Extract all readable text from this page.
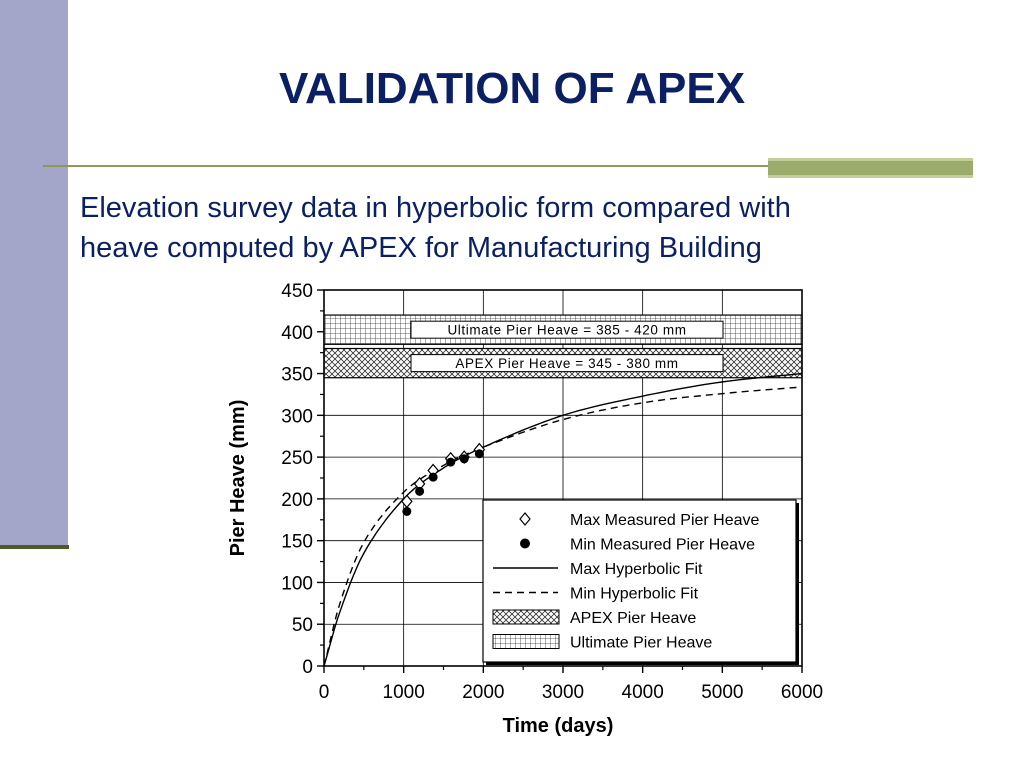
VALIDATION OF APEX
Elevation survey data in hyperbolic form compared with
heave computed by APEX for Manufacturing Building
Ultimate Pier Heave = 385 - 420 mm
APEX Pier Heave = 345 - 380 mm
0
50
100
150
200
250
300
350
400
450
0	1000 2000 3000 4000 5000 6000
Time (days)
Pier Heave (mm)	Max Measured Pier Heave
Min Measured Pier Heave
Max Hyperbolic Fit
Min Hyperbolic Fit
APEX Pier Heave
Ultimate Pier Heave
